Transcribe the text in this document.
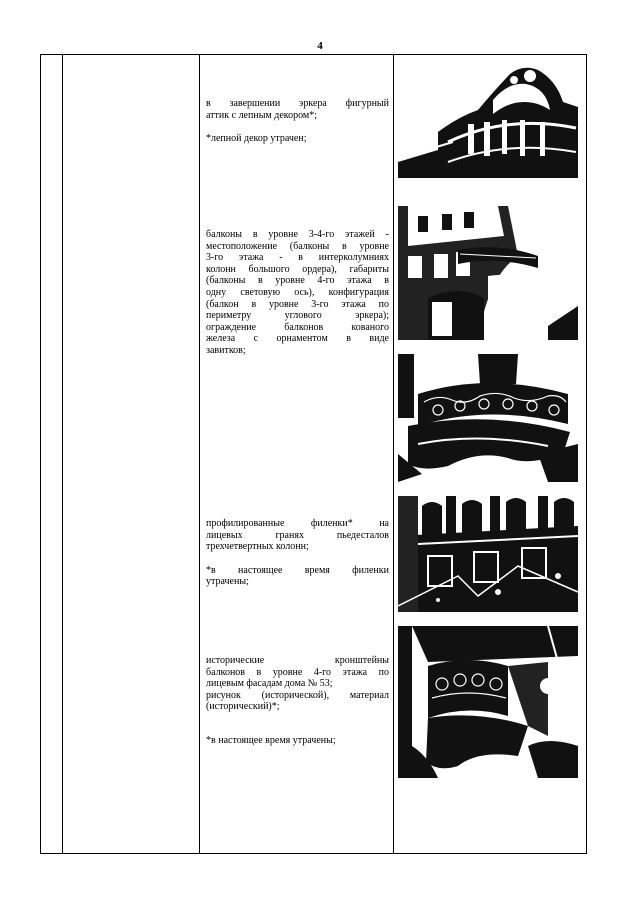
4

в завершении эркера фигурный

аттик с лепным декором*;

*лепной декор утрачен;

балконы в уровне 3-4-го этажей -

местоположение (балконы в уровне

3-го этажа - в интерколумниях

колонн большого ордера), габариты

(балконы в уровне 4-го этажа в

одну световую ось), конфигурация

(балкон в уровне 3-го этажа по

периметру углового эркера);

ограждение балконов кованого

железа с орнаментом в виде

завитков;

профилированные филенки* на

лицевых гранях пьедесталов

трехчетвертных колонн;

*в настоящее время филенки

утрачены;

исторические кронштейны

балконов в уровне 4-го этажа по

лицевым фасадам дома № 53;

рисунок (исторической), материал

(исторический)*;

*в настоящее время утрачены;
